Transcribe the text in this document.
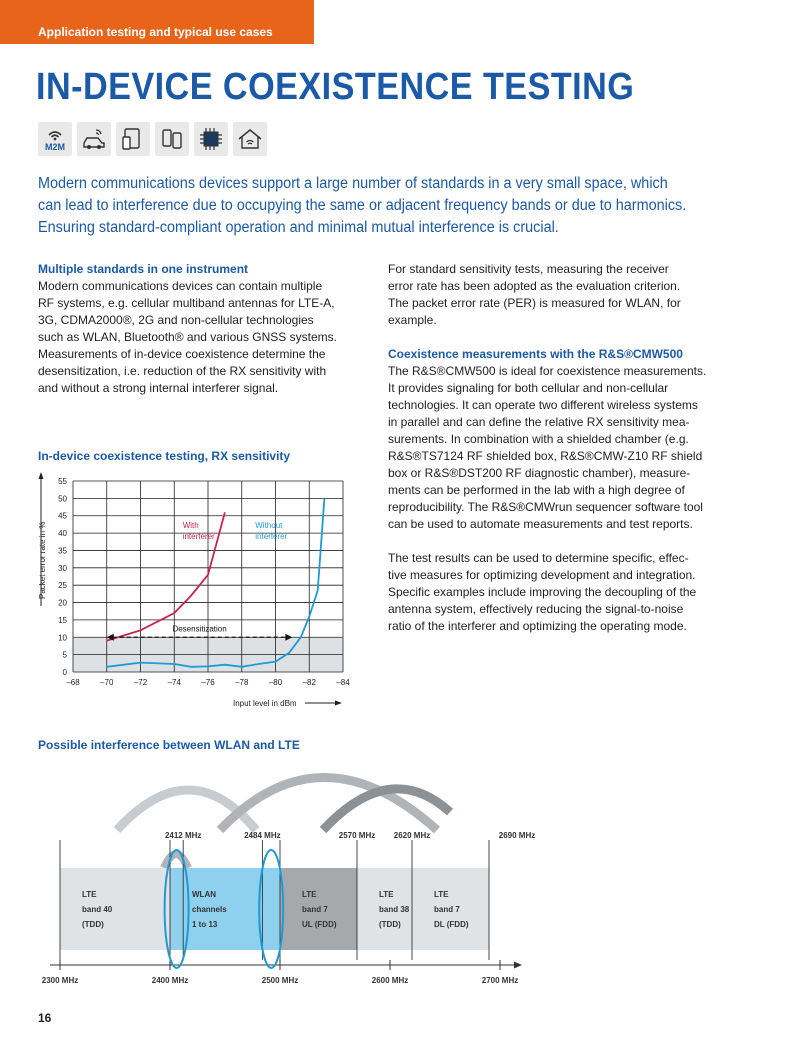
Application testing and typical use cases
IN-DEVICE COEXISTENCE TESTING
M2M

Modern communications devices support a large number of standards in a very small space, which
can lead to interference due to occupying the same or adjacent frequency bands or due to harmonics.
Ensuring standard-compliant operation and minimal mutual interference is crucial.

Multiple standards in one instrument

Modern communications devices can contain multiple
RF systems, e.g. cellular multiband antennas for LTE-A,
3G, CDMA2000®, 2G and non-cellular technologies
such as WLAN, Bluetooth® and various GNSS systems.
Measurements of in-device coexistence determine the
desensitization, i.e. reduction of the RX sensitivity with
and without a strong internal interferer signal.

For standard sensitivity tests, measuring the receiver
error rate has been adopted as the evaluation criterion.
The packet error rate (PER) is measured for WLAN, for
example.

Coexistence measurements with the R&S®CMW500

The R&S®CMW500 is ideal for coexistence measurements.
It provides signaling for both cellular and non-cellular
technologies. It can operate two different wireless systems
in parallel and can define the relative RX sensitivity mea-
surements. In combination with a shielded chamber (e.g.
R&S®TS7124 RF shielded box, R&S®CMW-Z10 RF shield
box or R&S®DST200 RF diagnostic chamber), measure-
ments can be performed in the lab with a high degree of
reproducibility. The R&S®CMWrun sequencer software tool
can be used to automate measurements and test reports.

The test results can be used to determine specific, effec-
tive measures for optimizing development and integration.
Specific examples include improving the decoupling of the
antenna system, effectively reducing the signal-to-noise
ratio of the interferer and optimizing the operating mode.

In-device coexistence testing, RX sensitivity

0
5
10
15
20
25
30
35
40
45
50
55
–68	–70	–72	–74	–76	–78	–80	–82	–84
Packet error rate in %
Input level in dBm
With
interferer
Without
interferer
Desensitization

Possible interference between WLAN and LTE

LTE
band 40
(TDD)
WLAN
channels
1 to 13
LTE
band 7
UL (FDD)
LTE
band 38
(TDD)
LTE
band 7
DL (FDD)
2412 MHz	2484 MHz	2570 MHz 2620 MHz	2690 MHz
2300 MHz	2400 MHz	2500 MHz	2600 MHz	2700 MHz
16
